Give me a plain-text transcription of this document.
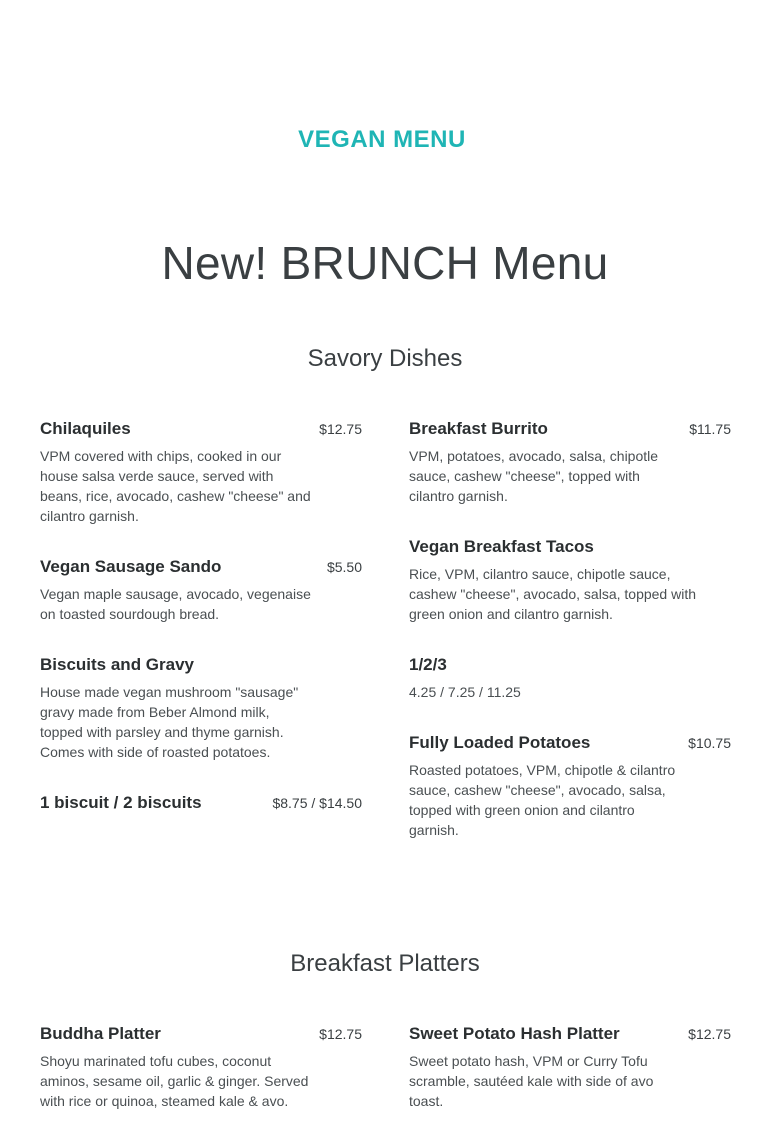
VEGAN MENU
New! BRUNCH Menu
Savory Dishes
Chilaquiles	$12.75
VPM covered with chips, cooked in our house salsa verde sauce, served with beans, rice, avocado, cashew "cheese" and cilantro garnish.
Vegan Sausage Sando	$5.50
Vegan maple sausage, avocado, vegenaise on toasted sourdough bread.
Biscuits and Gravy
House made vegan mushroom "sausage" gravy made from Beber Almond milk, topped with parsley and thyme garnish. Comes with side of roasted potatoes.
1 biscuit / 2 biscuits	$8.75 / $14.50
Breakfast Burrito	$11.75
VPM, potatoes, avocado, salsa, chipotle sauce, cashew "cheese", topped with cilantro garnish.
Vegan Breakfast Tacos
Rice, VPM, cilantro sauce, chipotle sauce, cashew "cheese", avocado, salsa, topped with green onion and cilantro garnish.
1/2/3
4.25 / 7.25 / 11.25
Fully Loaded Potatoes	$10.75
Roasted potatoes, VPM, chipotle & cilantro sauce, cashew "cheese", avocado, salsa, topped with green onion and cilantro garnish.
Breakfast Platters
Buddha Platter	$12.75
Shoyu marinated tofu cubes, coconut aminos, sesame oil, garlic & ginger. Served with rice or quinoa, steamed kale & avo.
Sweet Potato Hash Platter	$12.75
Sweet potato hash, VPM or Curry Tofu scramble, sautéed kale with side of avo toast.
